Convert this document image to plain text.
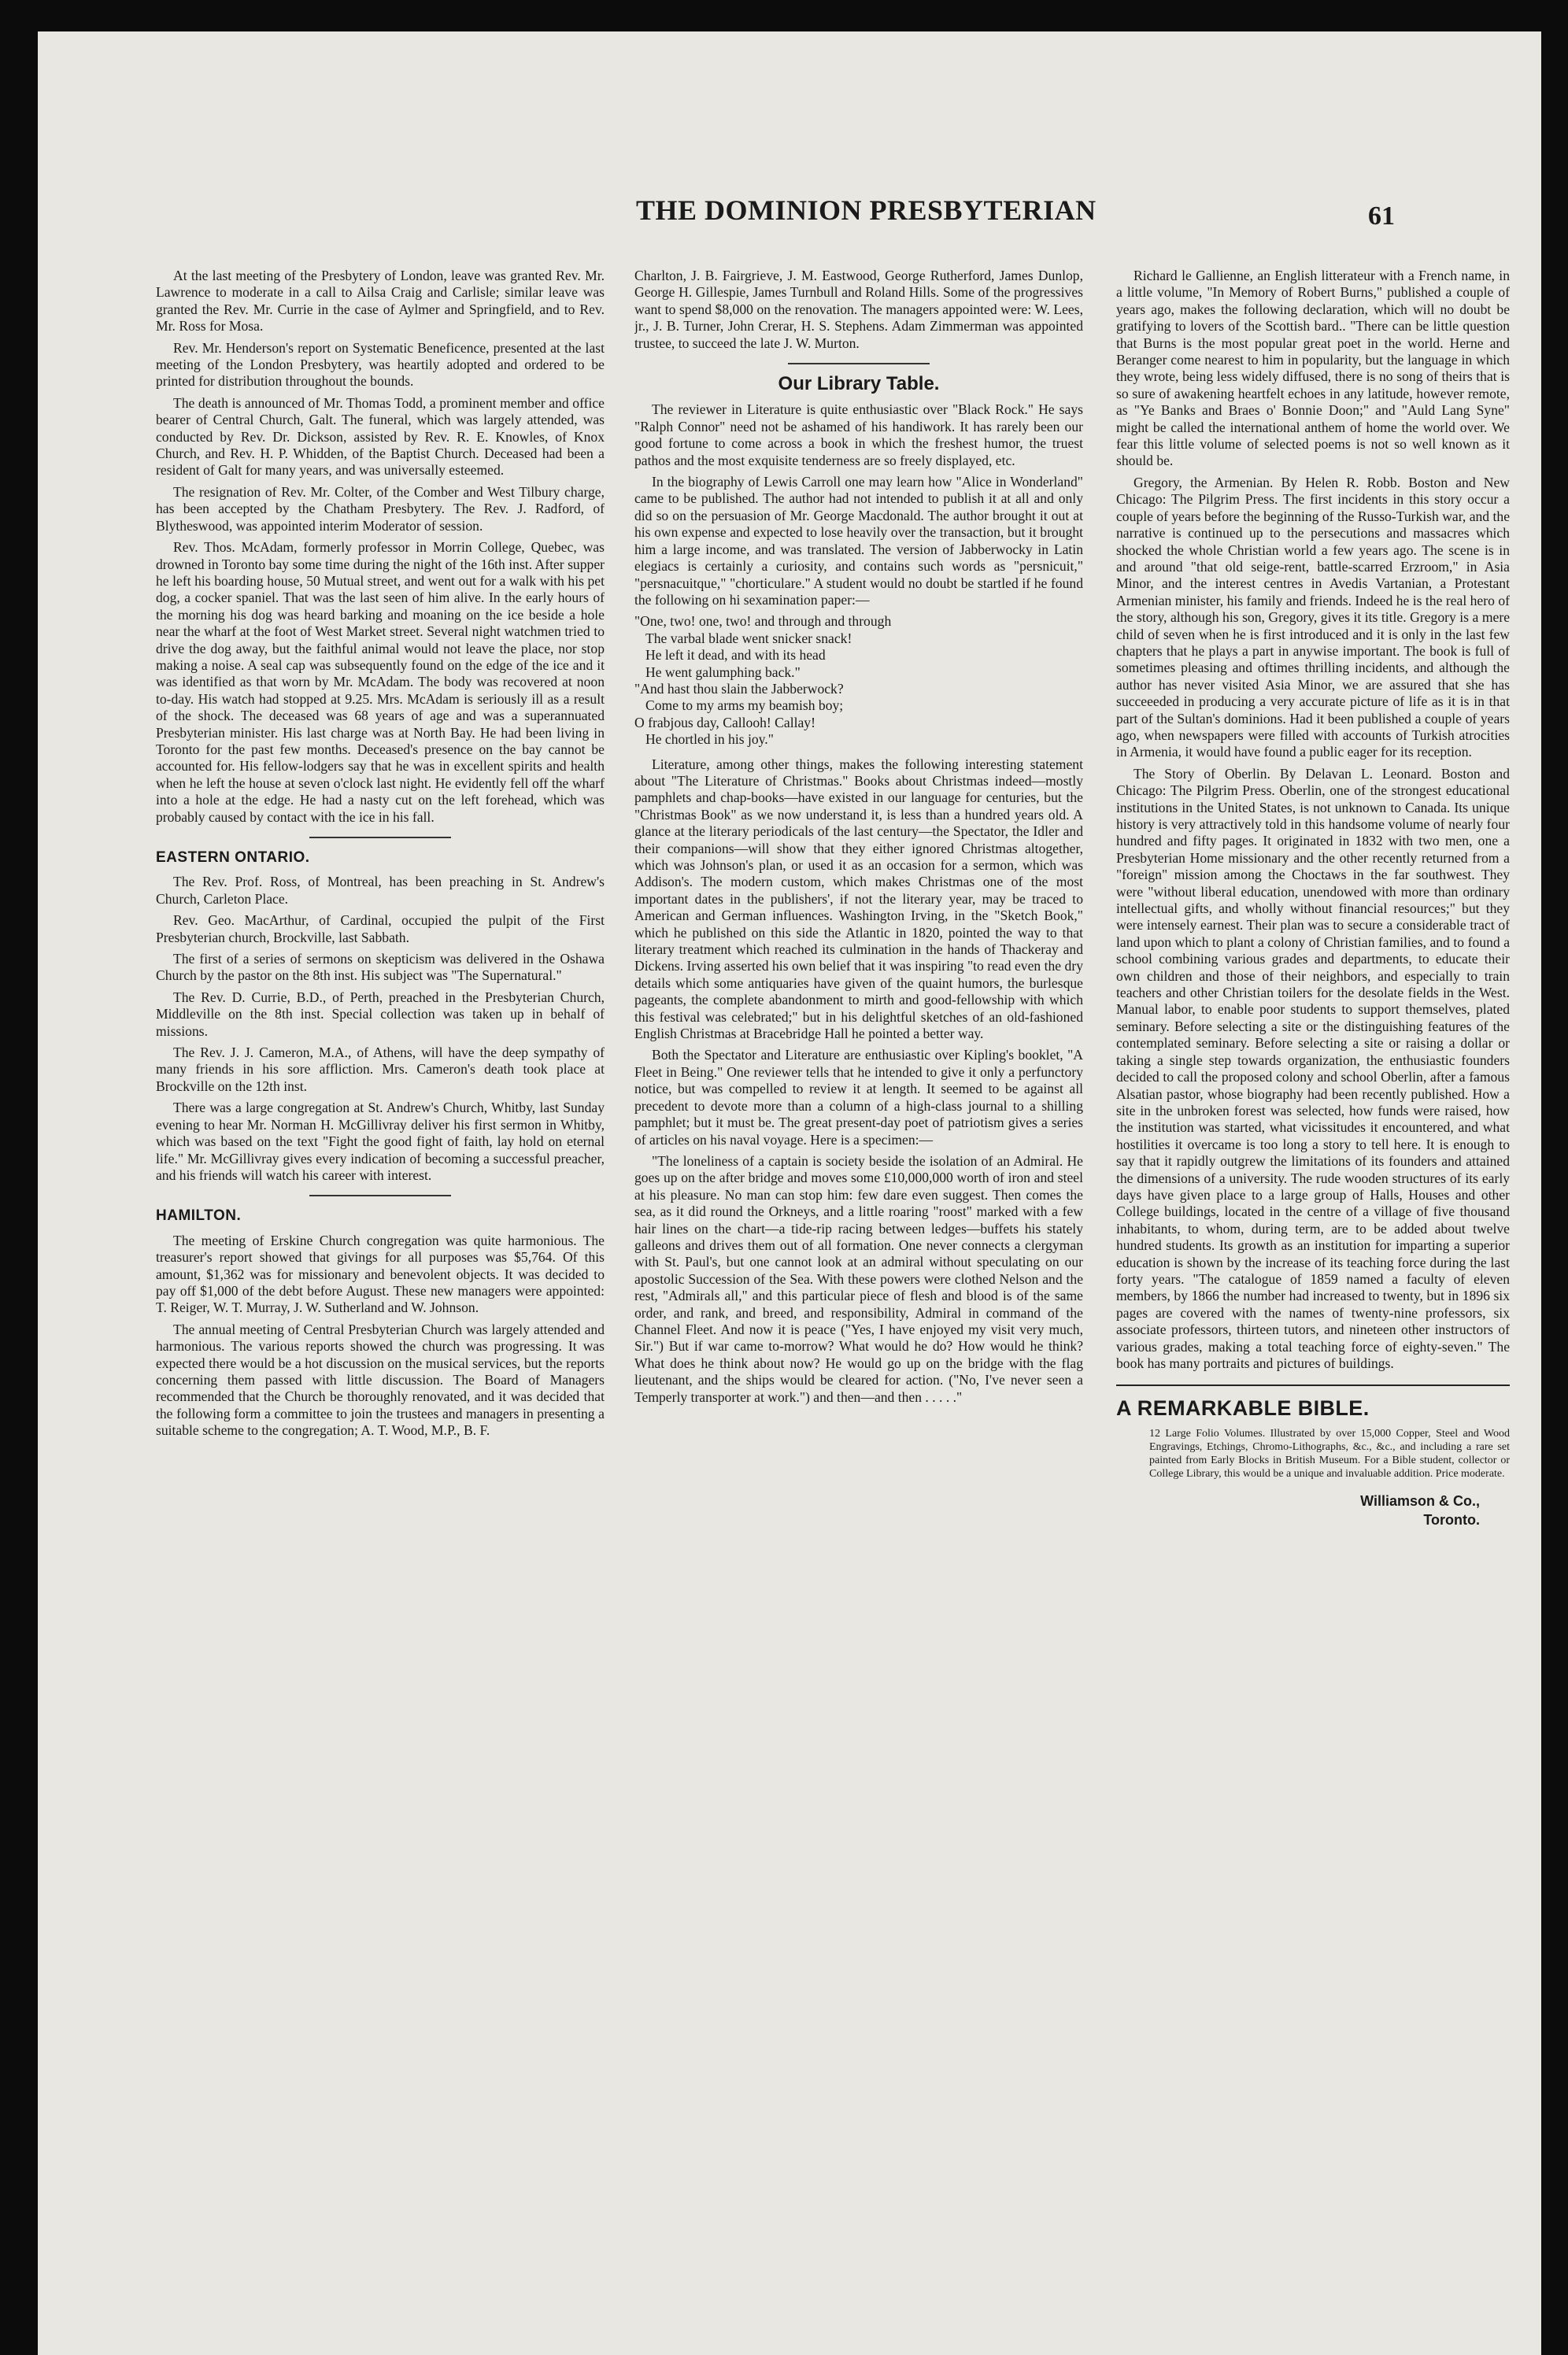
THE DOMINION PRESBYTERIAN	61

At the last meeting of the Presbytery of London, leave was granted Rev. Mr. Lawrence to moderate in a call to Ailsa Craig and Carlisle; similar leave was granted the Rev. Mr. Currie in the case of Aylmer and Springfield, and to Rev. Mr. Ross for Mosa.

Rev. Mr. Henderson's report on Systematic Beneficence, presented at the last meeting of the London Presbytery, was heartily adopted and ordered to be printed for distribution throughout the bounds.

The death is announced of Mr. Thomas Todd, a prominent member and office bearer of Central Church, Galt. The funeral, which was largely attended, was conducted by Rev. Dr. Dickson, assisted by Rev. R. E. Knowles, of Knox Church, and Rev. H. P. Whidden, of the Baptist Church. Deceased had been a resident of Galt for many years, and was universally esteemed.

The resignation of Rev. Mr. Colter, of the Comber and West Tilbury charge, has been accepted by the Chatham Presbytery. The Rev. J. Radford, of Blytheswood, was appointed interim Moderator of session.

Rev. Thos. McAdam, formerly professor in Morrin College, Quebec, was drowned in Toronto bay some time during the night of the 16th inst. After supper he left his boarding house, 50 Mutual street, and went out for a walk with his pet dog, a cocker spaniel. That was the last seen of him alive. In the early hours of the morning his dog was heard barking and moaning on the ice beside a hole near the wharf at the foot of West Market street. Several night watchmen tried to drive the dog away, but the faithful animal would not leave the place, nor stop making a noise. A seal cap was subsequently found on the edge of the ice and it was identified as that worn by Mr. McAdam. The body was recovered at noon to-day. His watch had stopped at 9.25. Mrs. McAdam is seriously ill as a result of the shock. The deceased was 68 years of age and was a superannuated Presbyterian minister. His last charge was at North Bay. He had been living in Toronto for the past few months. Deceased's presence on the bay cannot be accounted for. His fellow-lodgers say that he was in excellent spirits and health when he left the house at seven o'clock last night. He evidently fell off the wharf into a hole at the edge. He had a nasty cut on the left forehead, which was probably caused by contact with the ice in his fall.

EASTERN ONTARIO.

The Rev. Prof. Ross, of Montreal, has been preaching in St. Andrew's Church, Carleton Place.

Rev. Geo. MacArthur, of Cardinal, occupied the pulpit of the First Presbyterian church, Brockville, last Sabbath.

The first of a series of sermons on skepticism was delivered in the Oshawa Church by the pastor on the 8th inst. His subject was "The Supernatural."

The Rev. D. Currie, B.D., of Perth, preached in the Presbyterian Church, Middleville on the 8th inst. Special collection was taken up in behalf of missions.

The Rev. J. J. Cameron, M.A., of Athens, will have the deep sympathy of many friends in his sore affliction. Mrs. Cameron's death took place at Brockville on the 12th inst.

There was a large congregation at St. Andrew's Church, Whitby, last Sunday evening to hear Mr. Norman H. McGillivray deliver his first sermon in Whitby, which was based on the text "Fight the good fight of faith, lay hold on eternal life." Mr. McGillivray gives every indication of becoming a successful preacher, and his friends will watch his career with interest.

HAMILTON.

The meeting of Erskine Church congregation was quite harmonious. The treasurer's report showed that givings for all purposes was $5,764. Of this amount, $1,362 was for missionary and benevolent objects. It was decided to pay off $1,000 of the debt before August. These new managers were appointed: T. Reiger, W. T. Murray, J. W. Sutherland and W. Johnson.

The annual meeting of Central Presbyterian Church was largely attended and harmonious. The various reports showed the church was progressing. It was expected there would be a hot discussion on the musical services, but the reports concerning them passed with little discussion. The Board of Managers recommended that the Church be thoroughly renovated, and it was decided that the following form a committee to join the trustees and managers in presenting a suitable scheme to the congregation; A. T. Wood, M.P., B. F.

Charlton, J. B. Fairgrieve, J. M. Eastwood, George Rutherford, James Dunlop, George H. Gillespie, James Turnbull and Roland Hills. Some of the progressives want to spend $8,000 on the renovation. The managers appointed were: W. Lees, jr., J. B. Turner, John Crerar, H. S. Stephens. Adam Zimmerman was appointed trustee, to succeed the late J. W. Murton.

Our Library Table.

The reviewer in Literature is quite enthusiastic over "Black Rock." He says "Ralph Connor" need not be ashamed of his handiwork. It has rarely been our good fortune to come across a book in which the freshest humor, the truest pathos and the most exquisite tenderness are so freely displayed, etc.

In the biography of Lewis Carroll one may learn how "Alice in Wonderland" came to be published. The author had not intended to publish it at all and only did so on the persuasion of Mr. George Macdonald. The author brought it out at his own expense and expected to lose heavily over the transaction, but it brought him a large income, and was translated. The version of Jabberwocky in Latin elegiacs is certainly a curiosity, and contains such words as "persnicuit," "persnacuitque," "chorticulare." A student would no doubt be startled if he found the following on hi sexamination paper:—

"One, two! one, two! and through and through
The varbal blade went snicker snack!
He left it dead, and with its head
He went galumphing back."
"And hast thou slain the Jabberwock?
Come to my arms my beamish boy;
O frabjous day, Callooh! Callay!
He chortled in his joy."

Literature, among other things, makes the following interesting statement about "The Literature of Christmas." Books about Christmas indeed—mostly pamphlets and chap-books—have existed in our language for centuries, but the "Christmas Book" as we now understand it, is less than a hundred years old. A glance at the literary periodicals of the last century—the Spectator, the Idler and their companions—will show that they either ignored Christmas altogether, which was Johnson's plan, or used it as an occasion for a sermon, which was Addison's. The modern custom, which makes Christmas one of the most important dates in the publishers', if not the literary year, may be traced to American and German influences. Washington Irving, in the "Sketch Book," which he published on this side the Atlantic in 1820, pointed the way to that literary treatment which reached its culmination in the hands of Thackeray and Dickens. Irving asserted his own belief that it was inspiring "to read even the dry details which some antiquaries have given of the quaint humors, the burlesque pageants, the complete abandonment to mirth and good-fellowship with which this festival was celebrated;" but in his delightful sketches of an old-fashioned English Christmas at Bracebridge Hall he pointed a better way.

Both the Spectator and Literature are enthusiastic over Kipling's booklet, "A Fleet in Being." One reviewer tells that he intended to give it only a perfunctory notice, but was compelled to review it at length. It seemed to be against all precedent to devote more than a column of a high-class journal to a shilling pamphlet; but it must be. The great present-day poet of patriotism gives a series of articles on his naval voyage. Here is a specimen:—

"The loneliness of a captain is society beside the isolation of an Admiral. He goes up on the after bridge and moves some £10,000,000 worth of iron and steel at his pleasure. No man can stop him: few dare even suggest. Then comes the sea, as it did round the Orkneys, and a little roaring "roost" marked with a few hair lines on the chart—a tide-rip racing between ledges—buffets his stately galleons and drives them out of all formation. One never connects a clergyman with St. Paul's, but one cannot look at an admiral without speculating on our apostolic Succession of the Sea. With these powers were clothed Nelson and the rest, "Admirals all," and this particular piece of flesh and blood is of the same order, and rank, and breed, and responsibility, Admiral in command of the Channel Fleet. And now it is peace ("Yes, I have enjoyed my visit very much, Sir.") But if war came to-morrow? What would he do? How would he think? What does he think about now? He would go up on the bridge with the flag lieutenant, and the ships would be cleared for action. ("No, I've never seen a Temperly transporter at work.") and then—and then . . . . ."

Richard le Gallienne, an English litterateur with a French name, in a little volume, "In Memory of Robert Burns," published a couple of years ago, makes the following declaration, which will no doubt be gratifying to lovers of the Scottish bard.. "There can be little question that Burns is the most popular great poet in the world. Herne and Beranger come nearest to him in popularity, but the language in which they wrote, being less widely diffused, there is no song of theirs that is so sure of awakening heartfelt echoes in any latitude, however remote, as "Ye Banks and Braes o' Bonnie Doon;" and "Auld Lang Syne" might be called the international anthem of home the world over. We fear this little volume of selected poems is not so well known as it should be.

Gregory, the Armenian. By Helen R. Robb. Boston and New Chicago: The Pilgrim Press. The first incidents in this story occur a couple of years before the beginning of the Russo-Turkish war, and the narrative is continued up to the persecutions and massacres which shocked the whole Christian world a few years ago. The scene is in and around "that old seige-rent, battle-scarred Erzroom," in Asia Minor, and the interest centres in Avedis Vartanian, a Protestant Armenian minister, his family and friends. Indeed he is the real hero of the story, although his son, Gregory, gives it its title. Gregory is a mere child of seven when he is first introduced and it is only in the last few chapters that he plays a part in anywise important. The book is full of sometimes pleasing and oftimes thrilling incidents, and although the author has never visited Asia Minor, we are assured that she has succeeeded in producing a very accurate picture of life as it is in that part of the Sultan's dominions. Had it been published a couple of years ago, when newspapers were filled with accounts of Turkish atrocities in Armenia, it would have found a public eager for its reception.

The Story of Oberlin. By Delavan L. Leonard. Boston and Chicago: The Pilgrim Press. Oberlin, one of the strongest educational institutions in the United States, is not unknown to Canada. Its unique history is very attractively told in this handsome volume of nearly four hundred and fifty pages. It originated in 1832 with two men, one a Presbyterian Home missionary and the other recently returned from a "foreign" mission among the Choctaws in the far southwest. They were "without liberal education, unendowed with more than ordinary intellectual gifts, and wholly without financial resources;" but they were intensely earnest. Their plan was to secure a considerable tract of land upon which to plant a colony of Christian families, and to found a school combining various grades and departments, to educate their own children and those of their neighbors, and especially to train teachers and other Christian toilers for the desolate fields in the West. Manual labor, to enable poor students to support themselves, plated seminary. Before selecting a site or the distinguishing features of the contemplated seminary. Before selecting a site or raising a dollar or taking a single step towards organization, the enthusiastic founders decided to call the proposed colony and school Oberlin, after a famous Alsatian pastor, whose biography had been recently published. How a site in the unbroken forest was selected, how funds were raised, how the institution was started, what vicissitudes it encountered, and what hostilities it overcame is too long a story to tell here. It is enough to say that it rapidly outgrew the limitations of its founders and attained the dimensions of a university. The rude wooden structures of its early days have given place to a large group of Halls, Houses and other College buildings, located in the centre of a village of five thousand inhabitants, to whom, during term, are to be added about twelve hundred students. Its growth as an institution for imparting a superior education is shown by the increase of its teaching force during the last forty years. "The catalogue of 1859 named a faculty of eleven members, by 1866 the number had increased to twenty, but in 1896 six pages are covered with the names of twenty-nine professors, six associate professors, thirteen tutors, and nineteen other instructors of various grades, making a total teaching force of eighty-seven." The book has many portraits and pictures of buildings.

A REMARKABLE BIBLE.
12 Large Folio Volumes. Illustrated by over 15,000 Copper, Steel and Wood Engravings, Etchings, Chromo-Lithographs, &c., &c., and including a rare set painted from Early Blocks in British Museum. For a Bible student, collector or College Library, this would be a unique and invaluable addition. Price moderate.
Williamson & Co.,
Toronto.
